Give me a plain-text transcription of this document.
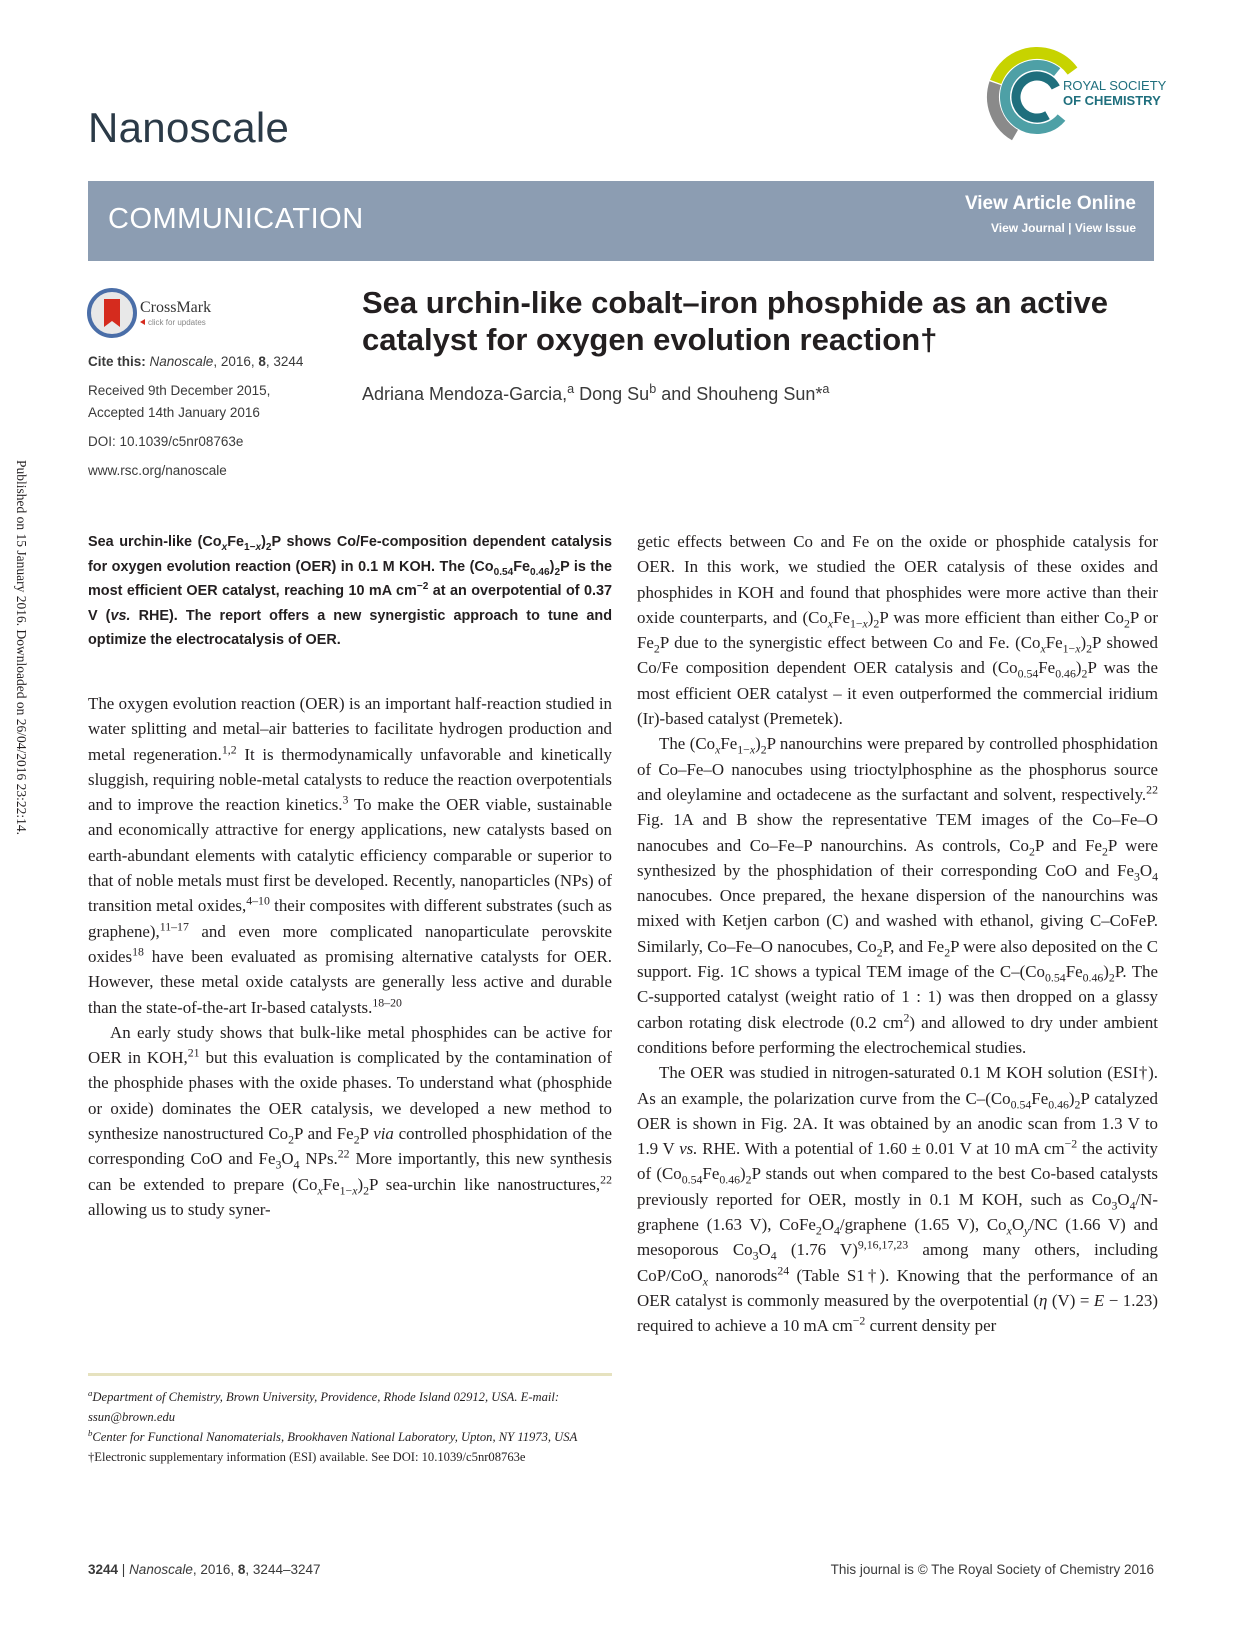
Nanoscale
ROYAL SOCIETY
OF CHEMISTRY
COMMUNICATION	View Article Online
View Journal | View Issue
CrossMark
click for updates
Cite this: Nanoscale, 2016, 8, 3244
Received 9th December 2015,
Accepted 14th January 2016
DOI: 10.1039/c5nr08763e
www.rsc.org/nanoscale
Sea urchin-like cobalt–iron phosphide as an active catalyst for oxygen evolution reaction†
Adriana Mendoza-Garcia,$^a$ Dong Su$^b$ and Shouheng Sun*$^a$
Published on 15 January 2016. Downloaded on 26/04/2016 23:22:14.	Sea urchin-like $(Co_xFe_{1-x})_2P$ shows Co/Fe-composition dependent catalysis for oxygen evolution reaction (OER) in 0.1 M KOH. The $(Co_{0.54}Fe_{0.46})_2P$ is the most efficient OER catalyst, reaching 10 mA $cm^{-2}$ at an overpotential of 0.37 V (vs. RHE). The report offers a new synergistic approach to tune and optimize the electrocatalysis of OER.

The oxygen evolution reaction (OER) is an important half-reaction studied in water splitting and metal–air batteries to facilitate hydrogen production and metal regeneration.$^{1,2}$ It is thermodynamically unfavorable and kinetically sluggish, requiring noble-metal catalysts to reduce the reaction overpotentials and to improve the reaction kinetics.$^3$ To make the OER viable, sustainable and economically attractive for energy applications, new catalysts based on earth-abundant elements with catalytic efficiency comparable or superior to that of noble metals must first be developed. Recently, nanoparticles (NPs) of transition metal oxides,$^{4-10}$ their composites with different substrates (such as graphene),$^{11-17}$ and even more complicated nanoparticulate perovskite oxides$^{18}$ have been evaluated as promising alternative catalysts for OER. However, these metal oxide catalysts are generally less active and durable than the state-of-the-art Ir-based catalysts.$^{18-20}$

An early study shows that bulk-like metal phosphides can be active for OER in KOH,$^{21}$ but this evaluation is complicated by the contamination of the phosphide phases with the oxide phases. To understand what (phosphide or oxide) dominates the OER catalysis, we developed a new method to synthesize nanostructured $Co_2P$ and $Fe_2P$ via controlled phosphidation of the corresponding CoO and $Fe_3O_4$ NPs.$^{22}$ More importantly, this new synthesis can be extended to prepare $(Co_xFe_{1-x})_2P$ sea-urchin like nanostructures,$^{22}$ allowing us to study syner-

getic effects between Co and Fe on the oxide or phosphide catalysis for OER. In this work, we studied the OER catalysis of these oxides and phosphides in KOH and found that phosphides were more active than their oxide counterparts, and $(Co_xFe_{1-x})_2P$ was more efficient than either $Co_2P$ or $Fe_2P$ due to the synergistic effect between Co and Fe. $(Co_xFe_{1-x})_2P$ showed Co/Fe composition dependent OER catalysis and $(Co_{0.54}Fe_{0.46})_2P$ was the most efficient OER catalyst – it even outperformed the commercial iridium (Ir)-based catalyst (Premetek).

The $(Co_xFe_{1-x})_2P$ nanourchins were prepared by controlled phosphidation of Co–Fe–O nanocubes using trioctylphosphine as the phosphorus source and oleylamine and octadecene as the surfactant and solvent, respectively.$^{22}$ Fig. 1A and B show the representative TEM images of the Co–Fe–O nanocubes and Co–Fe–P nanourchins. As controls, $Co_2P$ and $Fe_2P$ were synthesized by the phosphidation of their corresponding CoO and $Fe_3O_4$ nanocubes. Once prepared, the hexane dispersion of the nanourchins was mixed with Ketjen carbon (C) and washed with ethanol, giving C–CoFeP. Similarly, Co–Fe–O nanocubes, $Co_2P$, and $Fe_2P$ were also deposited on the C support. Fig. 1C shows a typical TEM image of the $C-(Co_{0.54}Fe_{0.46})_2P$. The C-supported catalyst (weight ratio of 1 : 1) was then dropped on a glassy carbon rotating disk electrode (0.2 $cm^2$) and allowed to dry under ambient conditions before performing the electrochemical studies.

The OER was studied in nitrogen-saturated 0.1 M KOH solution (ESI†). As an example, the polarization curve from the $C-(Co_{0.54}Fe_{0.46})_2P$ catalyzed OER is shown in Fig. 2A. It was obtained by an anodic scan from 1.3 V to 1.9 V vs. RHE. With a potential of 1.60 ± 0.01 V at 10 mA $cm^{-2}$ the activity of $(Co_{0.54}Fe_{0.46})_2P$ stands out when compared to the best Co-based catalysts previously reported for OER, mostly in 0.1 M KOH, such as $Co_3O_4/N$-graphene (1.63 V), $CoFe_2O_4$/graphene (1.65 V), $Co_xO_y/NC$ (1.66 V) and mesoporous $Co_3O_4$ (1.76 V)$^{9,16,17,23}$ among many others, including CoP/CoO$_x$ nanorods$^{24}$ (Table S1†). Knowing that the performance of an OER catalyst is commonly measured by the overpotential (η (V) = E − 1.23) required to achieve a 10 mA $cm^{-2}$ current density per

$^a$Department of Chemistry, Brown University, Providence, Rhode Island 02912, USA. E-mail: ssun@brown.edu
$^b$Center for Functional Nanomaterials, Brookhaven National Laboratory, Upton, NY 11973, USA
†Electronic supplementary information (ESI) available. See DOI: 10.1039/c5nr08763e
3244 | Nanoscale, 2016, 8, 3244–3247	This journal is © The Royal Society of Chemistry 2016
